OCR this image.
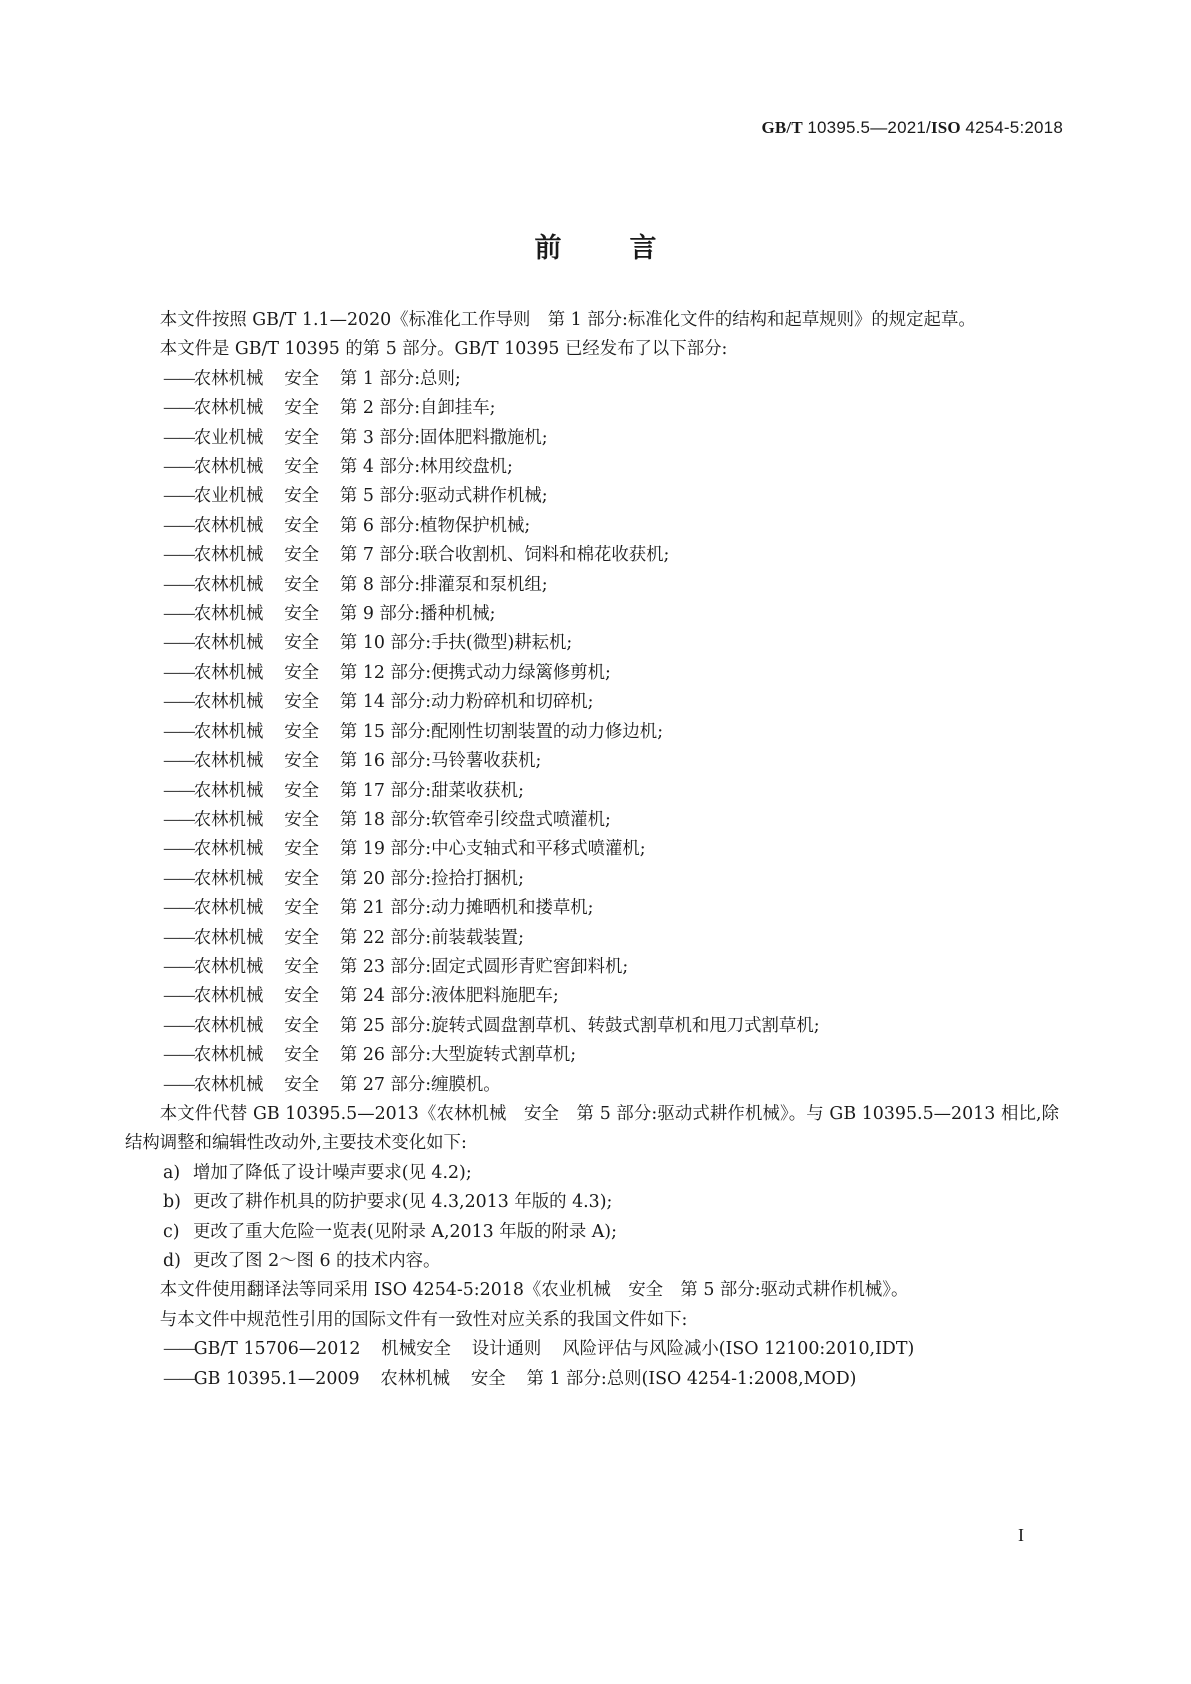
GB/T 10395.5—2021/ISO 4254-5:2018
前	言

本文件按照 GB/T 1.1—2020《标准化工作导则　第 1 部分:标准化文件的结构和起草规则》的规定起草。

本文件是 GB/T 10395 的第 5 部分。GB/T 10395 已经发布了以下部分:

——农林机械 安全 第 1 部分:总则;

——农林机械 安全 第 2 部分:自卸挂车;

——农业机械 安全 第 3 部分:固体肥料撒施机;

——农林机械 安全 第 4 部分:林用绞盘机;

——农业机械 安全 第 5 部分:驱动式耕作机械;

——农林机械 安全 第 6 部分:植物保护机械;

——农林机械 安全 第 7 部分:联合收割机、饲料和棉花收获机;

——农林机械 安全 第 8 部分:排灌泵和泵机组;

——农林机械 安全 第 9 部分:播种机械;

——农林机械 安全 第 10 部分:手扶(微型)耕耘机;

——农林机械 安全 第 12 部分:便携式动力绿篱修剪机;

——农林机械 安全 第 14 部分:动力粉碎机和切碎机;

——农林机械 安全 第 15 部分:配刚性切割装置的动力修边机;

——农林机械 安全 第 16 部分:马铃薯收获机;

——农林机械 安全 第 17 部分:甜菜收获机;

——农林机械 安全 第 18 部分:软管牵引绞盘式喷灌机;

——农林机械 安全 第 19 部分:中心支轴式和平移式喷灌机;

——农林机械 安全 第 20 部分:捡拾打捆机;

——农林机械 安全 第 21 部分:动力摊晒机和搂草机;

——农林机械 安全 第 22 部分:前装载装置;

——农林机械 安全 第 23 部分:固定式圆形青贮窖卸料机;

——农林机械 安全 第 24 部分:液体肥料施肥车;

——农林机械 安全 第 25 部分:旋转式圆盘割草机、转鼓式割草机和甩刀式割草机;

——农林机械 安全 第 26 部分:大型旋转式割草机;

——农林机械 安全 第 27 部分:缠膜机。

本文件代替 GB 10395.5—2013《农林机械　安全　第 5 部分:驱动式耕作机械》。与 GB 10395.5—2013 相比,除结构调整和编辑性改动外,主要技术变化如下:

a) 增加了降低了设计噪声要求(见 4.2);

b) 更改了耕作机具的防护要求(见 4.3,2013 年版的 4.3);

c) 更改了重大危险一览表(见附录 A,2013 年版的附录 A);

d) 更改了图 2～图 6 的技术内容。

本文件使用翻译法等同采用 ISO 4254-5:2018《农业机械　安全　第 5 部分:驱动式耕作机械》。

与本文件中规范性引用的国际文件有一致性对应关系的我国文件如下:

——GB/T 15706—2012 机械安全 设计通则 风险评估与风险减小(ISO 12100:2010,IDT)

——GB 10395.1—2009 农林机械 安全 第 1 部分:总则(ISO 4254-1:2008,MOD)

I
